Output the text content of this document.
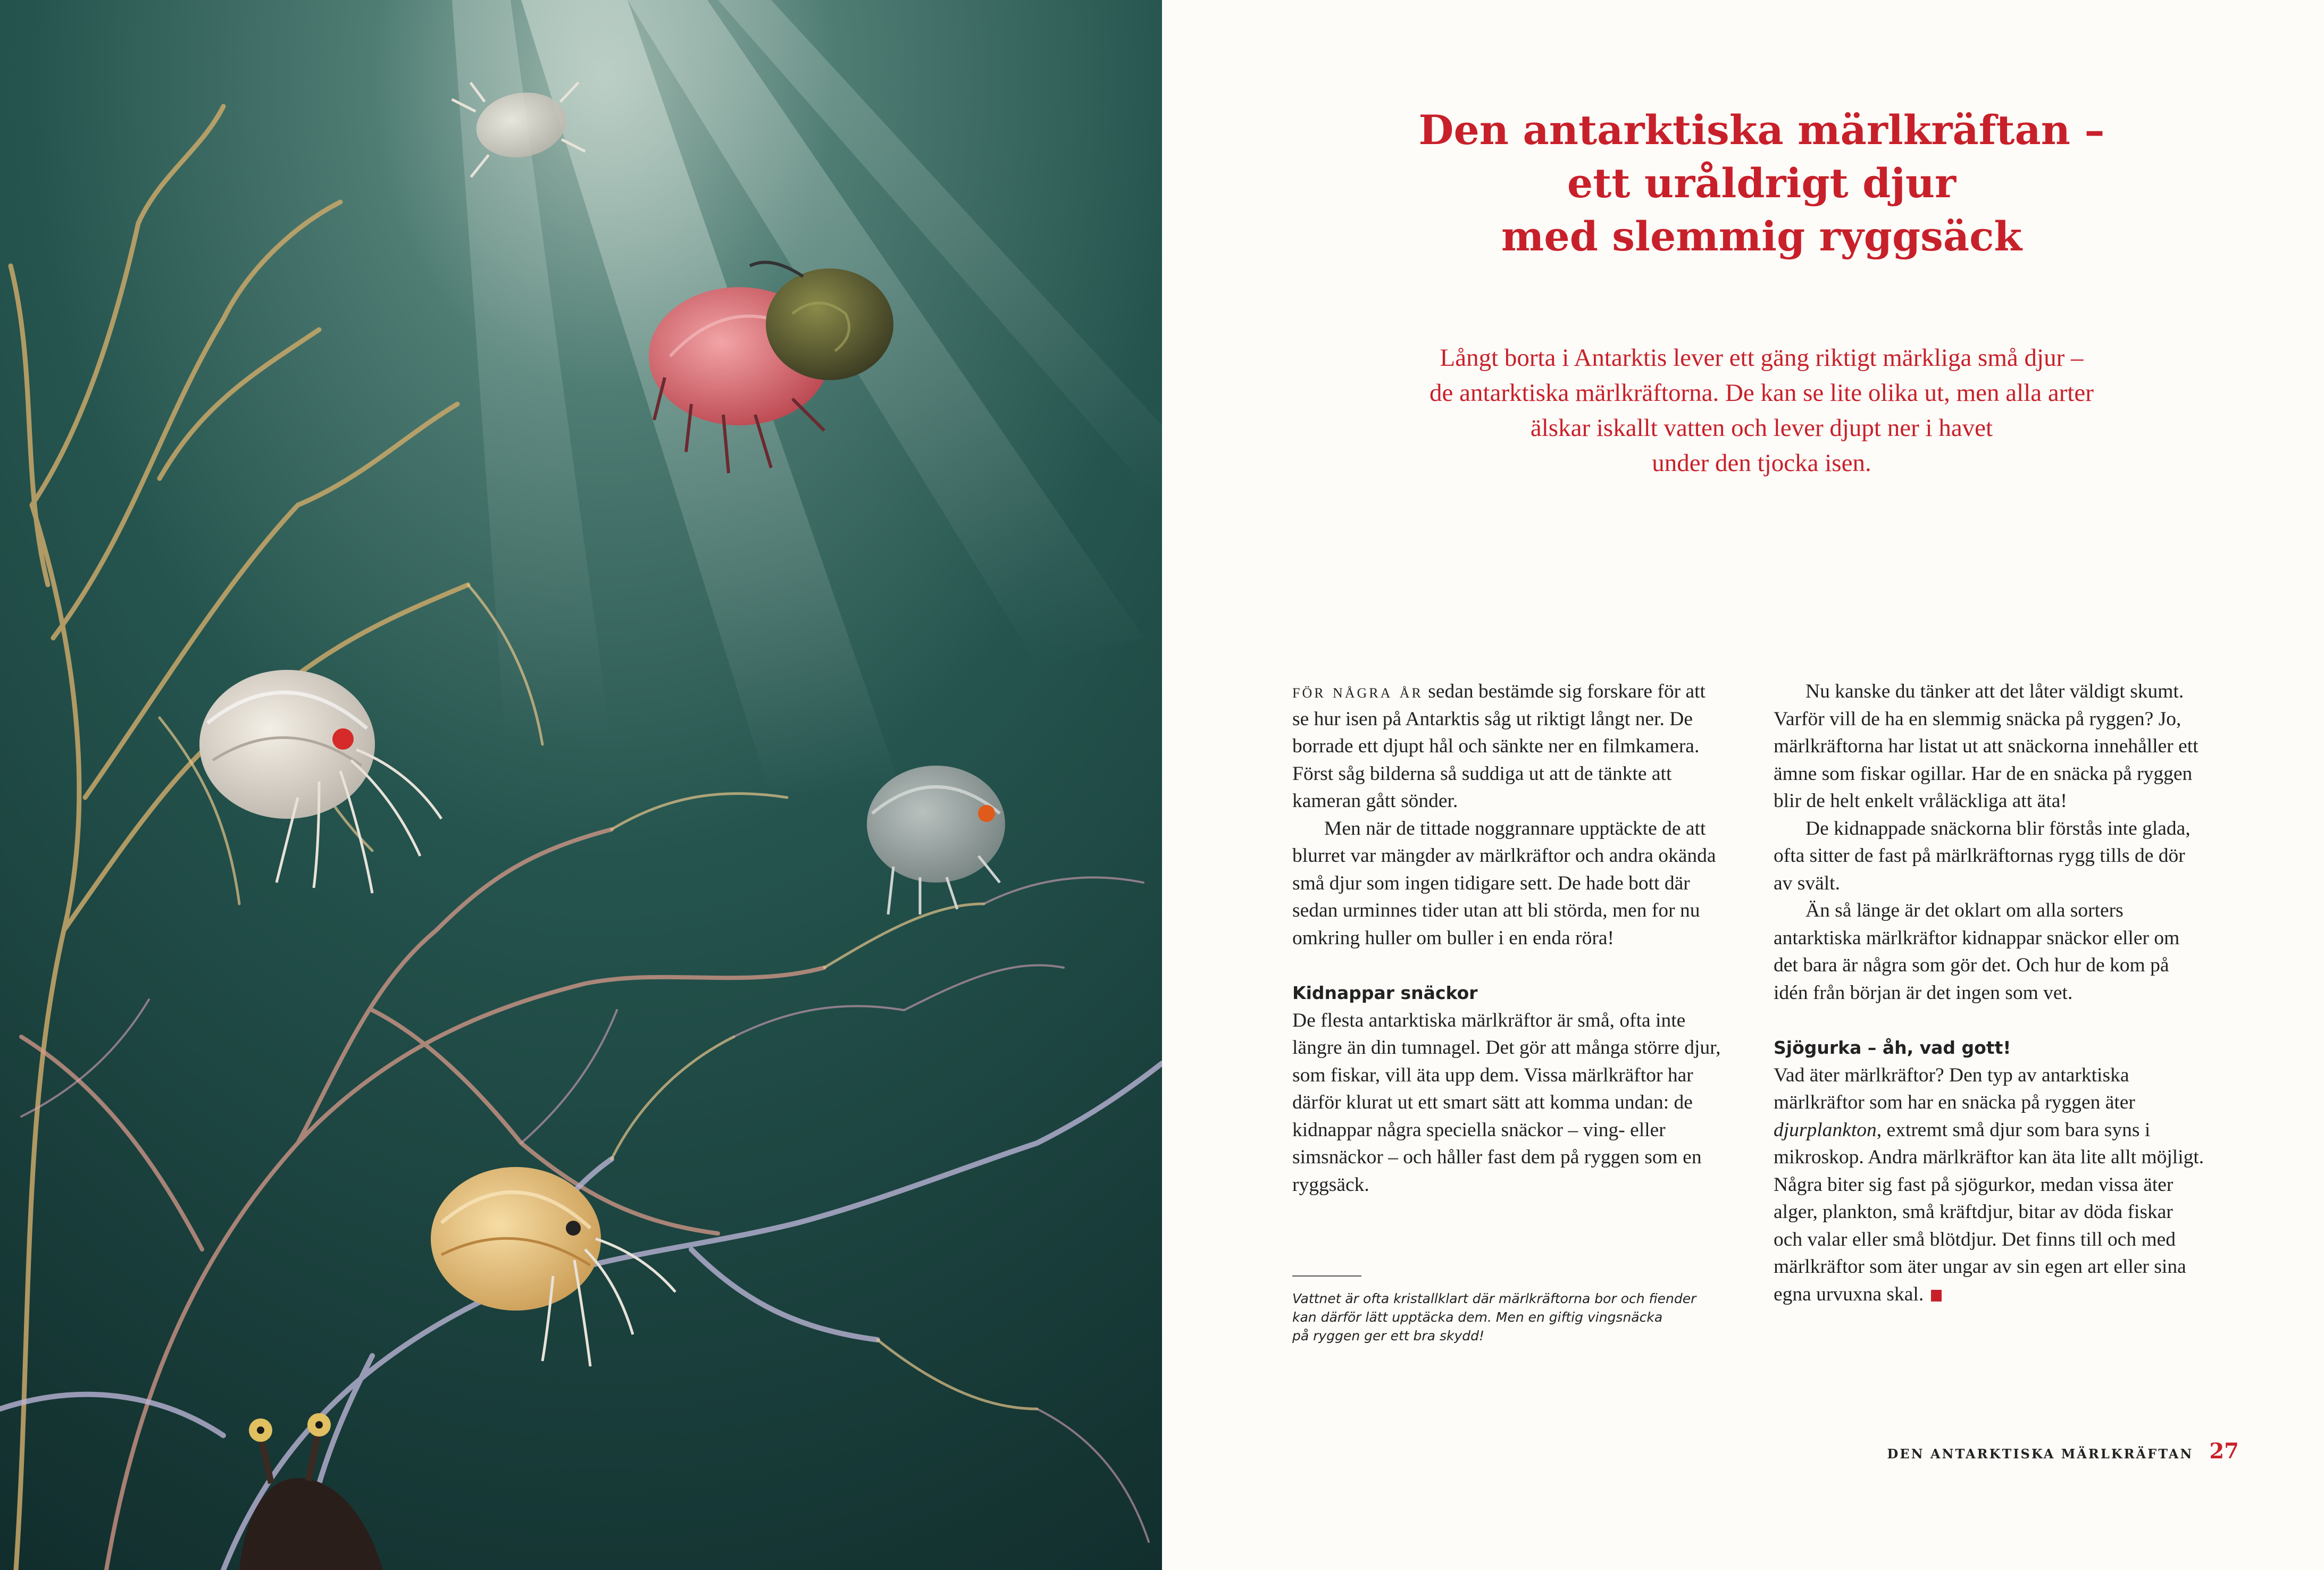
Den antarktiska märlkräftan –
ett uråldrigt djur
med slemmig ryggsäck

Långt borta i Antarktis lever ett gäng riktigt märkliga små djur –
de antarktiska märlkräftorna. De kan se lite olika ut, men alla arter
älskar iskallt vatten och lever djupt ner i havet
under den tjocka isen.

för några år sedan bestämde sig forskare för att se hur isen på Antarktis såg ut riktigt långt ner. De borrade ett djupt hål och sänkte ner en filmkamera. Först såg bilderna så suddiga ut att de tänkte att kameran gått sönder.

Men när de tittade noggrannare upptäckte de att blurret var mängder av märlkräftor och andra okända små djur som ingen tidigare sett. De hade bott där sedan urminnes tider utan att bli störda, men for nu omkring huller om buller i en enda röra!

Kidnappar snäckor

De flesta antarktiska märlkräftor är små, ofta inte längre än din tumnagel. Det gör att många större djur, som fiskar, vill äta upp dem. Vissa märlkräftor har därför klurat ut ett smart sätt att komma undan: de kidnappar några speciella snäckor – ving- eller simsnäckor – och håller fast dem på ryggen som en ryggsäck.

Nu kanske du tänker att det låter väldigt skumt. Varför vill de ha en slemmig snäcka på ryggen? Jo, märlkräftorna har listat ut att snäckorna innehåller ett ämne som fiskar ogillar. Har de en snäcka på ryggen blir de helt enkelt vråläckliga att äta!

De kidnappade snäckorna blir förstås inte glada, ofta sitter de fast på märlkräftornas rygg tills de dör av svält.

Än så länge är det oklart om alla sorters antarktiska märlkräftor kidnappar snäckor eller om det bara är några som gör det. Och hur de kom på idén från början är det ingen som vet.

Sjögurka – åh, vad gott!

Vad äter märlkräftor? Den typ av antarktiska märlkräftor som har en snäcka på ryggen äter djurplankton, extremt små djur som bara syns i mikroskop. Andra märlkräftor kan äta lite allt möjligt. Några biter sig fast på sjögurkor, medan vissa äter alger, plankton, små kräftdjur, bitar av döda fiskar och valar eller små blötdjur. Det finns till och med märlkräftor som äter ungar av sin egen art eller sina egna urvuxna skal.

Vattnet är ofta kristallklart där märlkräftorna bor och fiender
kan därför lätt upptäcka dem. Men en giftig vingsnäcka
på ryggen ger ett bra skydd!

DEN ANTARKTISKA MÄRLKRÄFTAN 27
